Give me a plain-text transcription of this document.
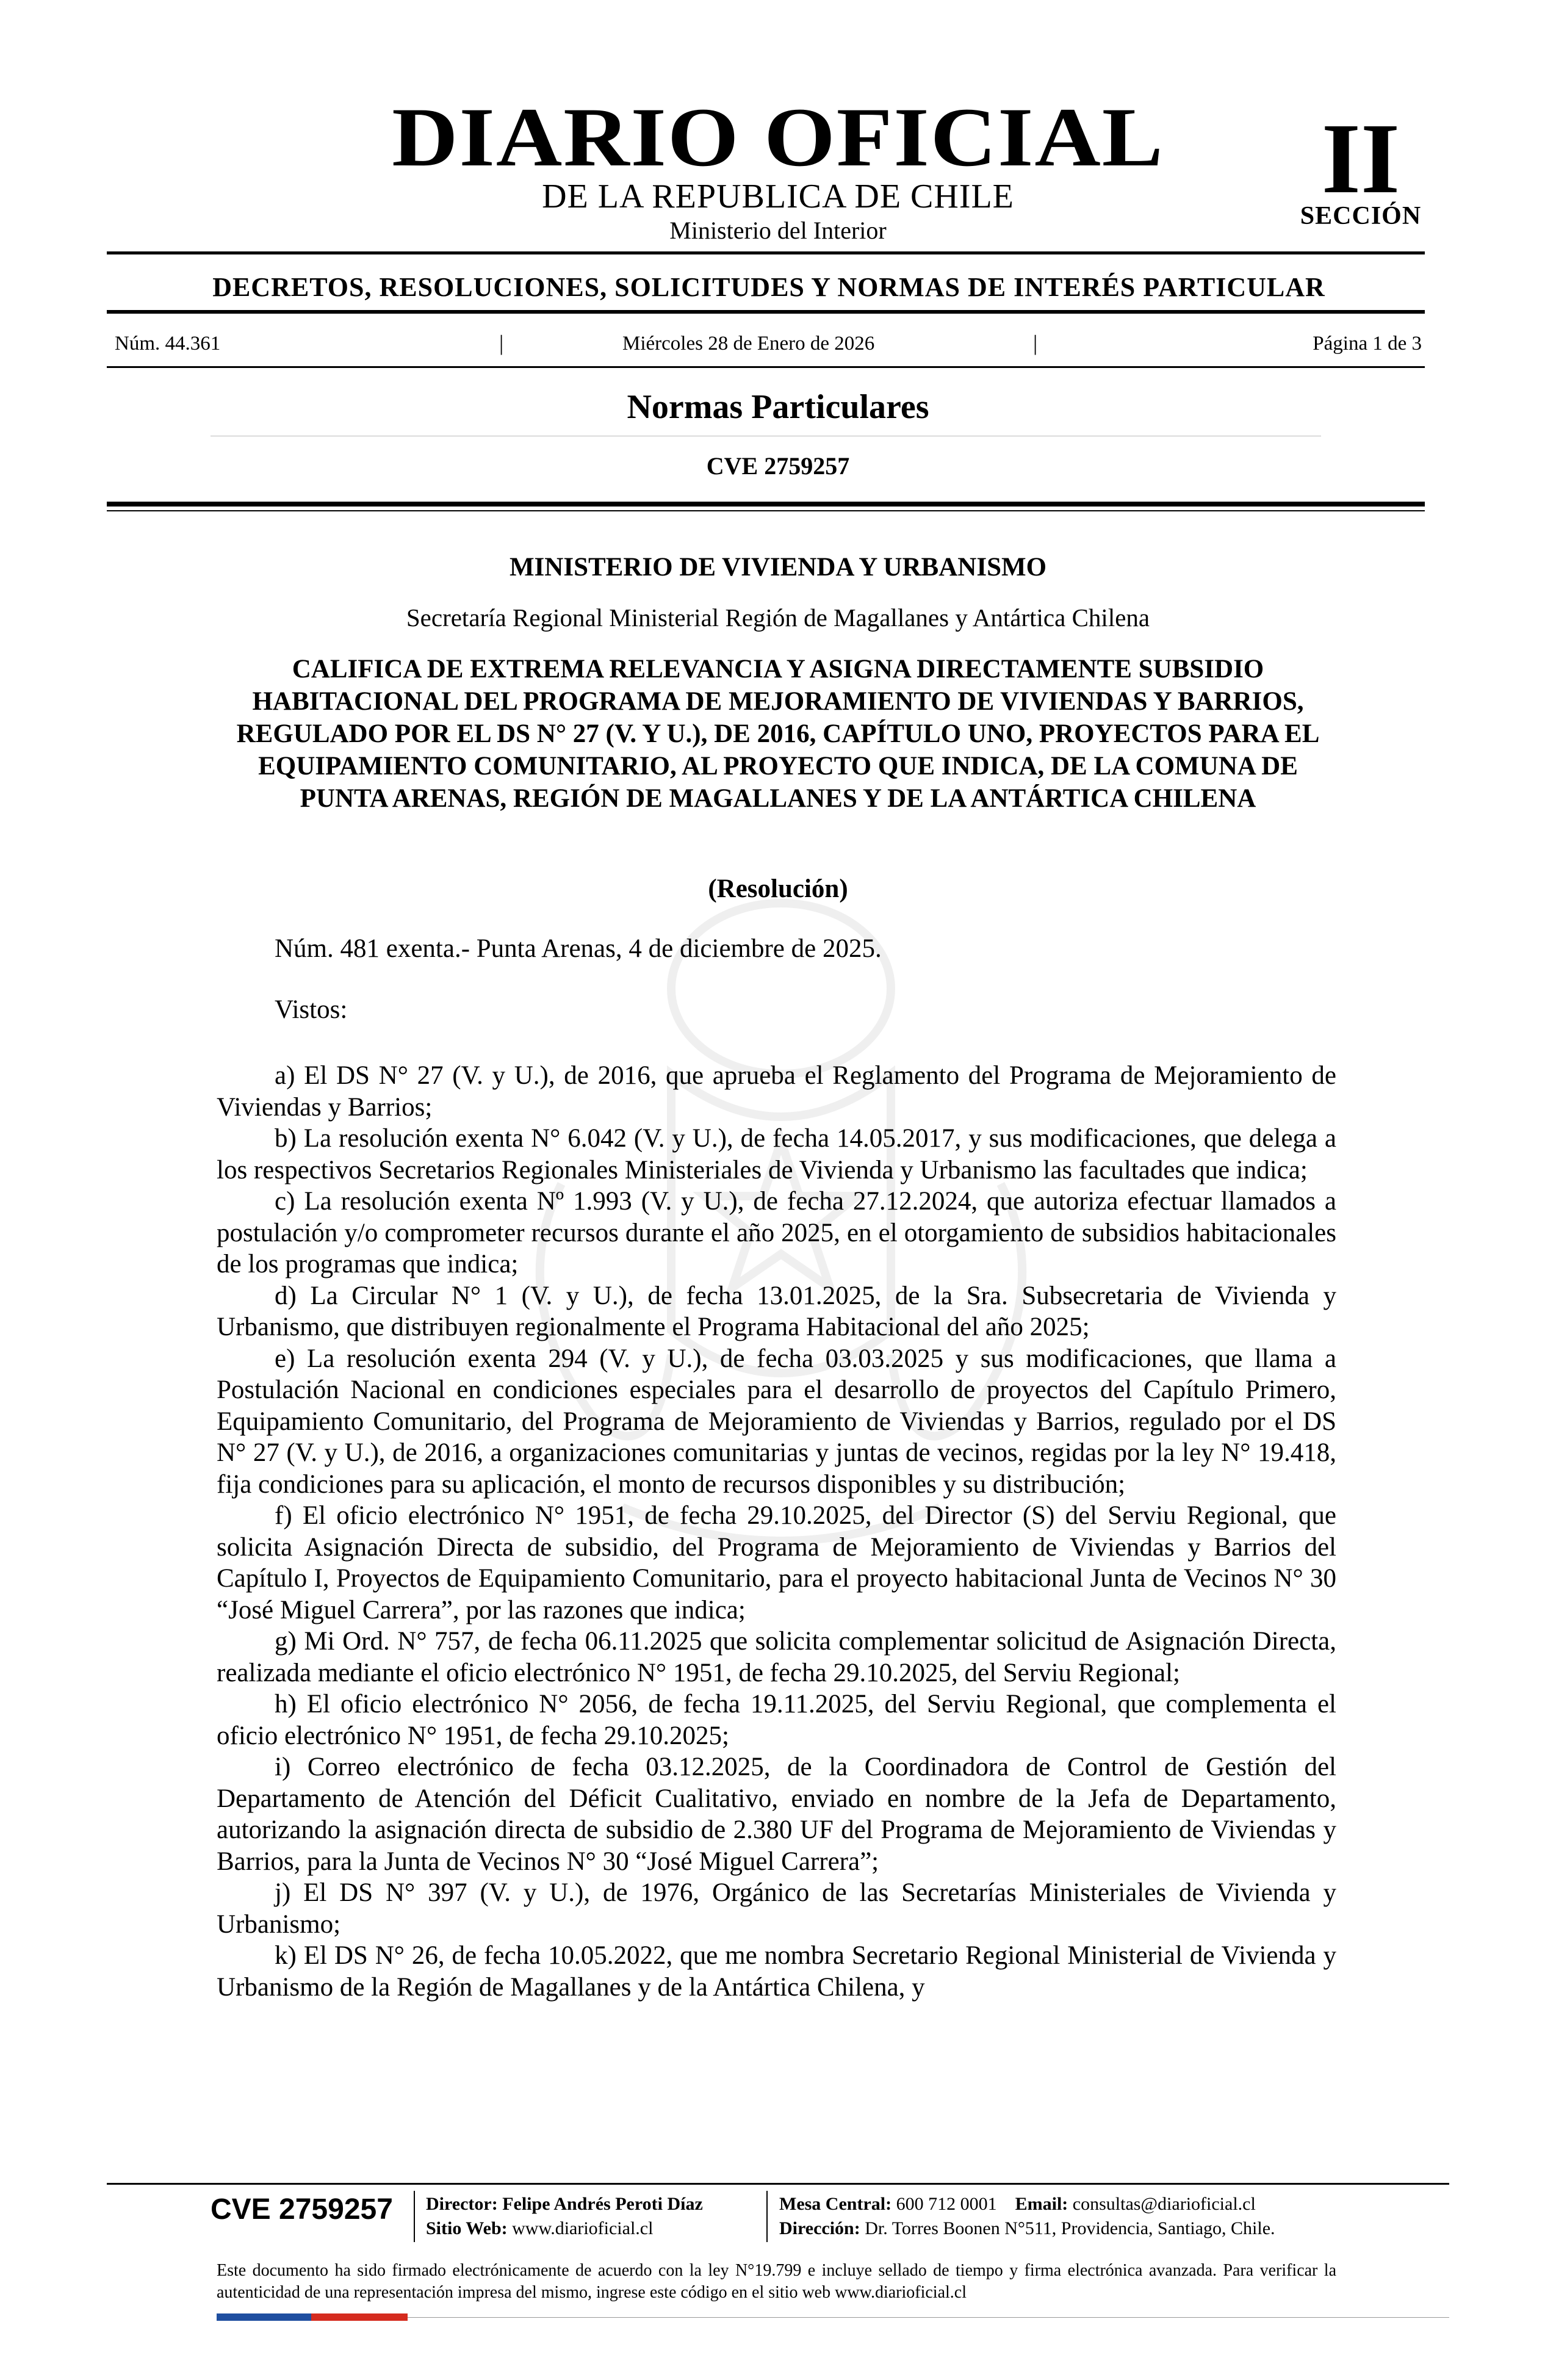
DIARIO OFICIAL
DE LA REPUBLICA DE CHILE
Ministerio del Interior
II
SECCIÓN
DECRETOS, RESOLUCIONES, SOLICITUDES Y NORMAS DE INTERÉS PARTICULAR
Núm. 44.361	|	Miércoles 28 de Enero de 2026	|	Página 1 de 3
Normas Particulares
CVE 2759257
MINISTERIO DE VIVIENDA Y URBANISMO
Secretaría Regional Ministerial Región de Magallanes y Antártica Chilena
CALIFICA DE EXTREMA RELEVANCIA Y ASIGNA DIRECTAMENTE SUBSIDIO HABITACIONAL DEL PROGRAMA DE MEJORAMIENTO DE VIVIENDAS Y BARRIOS, REGULADO POR EL DS N° 27 (V. Y U.), DE 2016, CAPÍTULO UNO, PROYECTOS PARA EL EQUIPAMIENTO COMUNITARIO, AL PROYECTO QUE INDICA, DE LA COMUNA DE PUNTA ARENAS, REGIÓN DE MAGALLANES Y DE LA ANTÁRTICA CHILENA
(Resolución)
Núm. 481 exenta.- Punta Arenas, 4 de diciembre de 2025.
Vistos:

a) El DS N° 27 (V. y U.), de 2016, que aprueba el Reglamento del Programa de Mejoramiento de Viviendas y Barrios;

b) La resolución exenta N° 6.042 (V. y U.), de fecha 14.05.2017, y sus modificaciones, que delega a los respectivos Secretarios Regionales Ministeriales de Vivienda y Urbanismo las facultades que indica;

c) La resolución exenta Nº 1.993 (V. y U.), de fecha 27.12.2024, que autoriza efectuar llamados a postulación y/o comprometer recursos durante el año 2025, en el otorgamiento de subsidios habitacionales de los programas que indica;

d) La Circular N° 1 (V. y U.), de fecha 13.01.2025, de la Sra. Subsecretaria de Vivienda y Urbanismo, que distribuyen regionalmente el Programa Habitacional del año 2025;

e) La resolución exenta 294 (V. y U.), de fecha 03.03.2025 y sus modificaciones, que llama a Postulación Nacional en condiciones especiales para el desarrollo de proyectos del Capítulo Primero, Equipamiento Comunitario, del Programa de Mejoramiento de Viviendas y Barrios, regulado por el DS N° 27 (V. y U.), de 2016, a organizaciones comunitarias y juntas de vecinos, regidas por la ley N° 19.418, fija condiciones para su aplicación, el monto de recursos disponibles y su distribución;

f) El oficio electrónico N° 1951, de fecha 29.10.2025, del Director (S) del Serviu Regional, que solicita Asignación Directa de subsidio, del Programa de Mejoramiento de Viviendas y Barrios del Capítulo I, Proyectos de Equipamiento Comunitario, para el proyecto habitacional Junta de Vecinos N° 30 “José Miguel Carrera”, por las razones que indica;

g) Mi Ord. N° 757, de fecha 06.11.2025 que solicita complementar solicitud de Asignación Directa, realizada mediante el oficio electrónico N° 1951, de fecha 29.10.2025, del Serviu Regional;

h) El oficio electrónico N° 2056, de fecha 19.11.2025, del Serviu Regional, que complementa el oficio electrónico N° 1951, de fecha 29.10.2025;

i) Correo electrónico de fecha 03.12.2025, de la Coordinadora de Control de Gestión del Departamento de Atención del Déficit Cualitativo, enviado en nombre de la Jefa de Departamento, autorizando la asignación directa de subsidio de 2.380 UF del Programa de Mejoramiento de Viviendas y Barrios, para la Junta de Vecinos N° 30 “José Miguel Carrera”;

j) El DS N° 397 (V. y U.), de 1976, Orgánico de las Secretarías Ministeriales de Vivienda y Urbanismo;

k) El DS N° 26, de fecha 10.05.2022, que me nombra Secretario Regional Ministerial de Vivienda y Urbanismo de la Región de Magallanes y de la Antártica Chilena, y

CVE 2759257 Director: Felipe Andrés Peroti Díaz
Sitio Web: www.diarioficial.cl
Mesa Central: 600 712 0001 Email: consultas@diarioficial.cl
Dirección: Dr. Torres Boonen N°511, Providencia, Santiago, Chile.
Este documento ha sido firmado electrónicamente de acuerdo con la ley N°19.799 e incluye sellado de tiempo y firma electrónica avanzada. Para verificar la autenticidad de una representación impresa del mismo, ingrese este código en el sitio web www.diarioficial.cl
